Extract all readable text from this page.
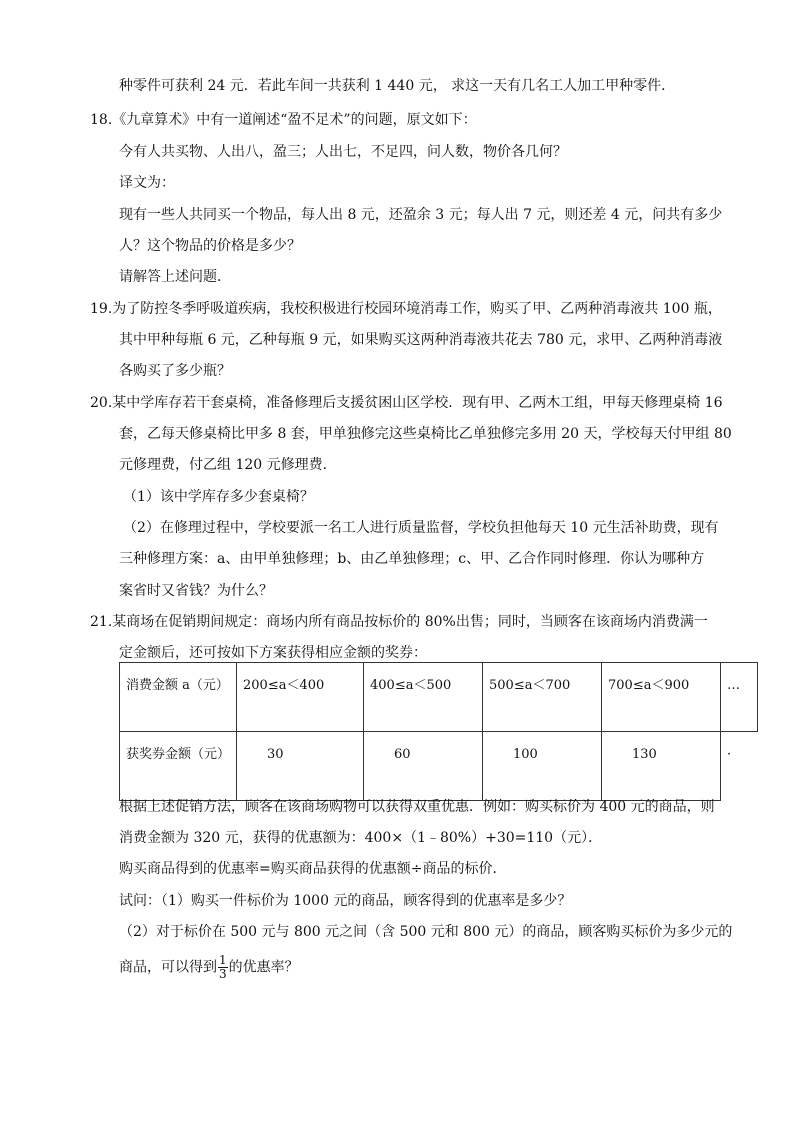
种零件可获利 24 元．若此车间一共获利 1 440 元， 求这一天有几名工人加工甲种零件．
18.《九章算术》中有一道阐述“盈不足术”的问题，原文如下：
今有人共买物、人出八，盈三；人出七，不足四，问人数，物价各几何？
译文为：
现有一些人共同买一个物品，每人出 8 元，还盈余 3 元；每人出 7 元，则还差 4 元，问共有多少
人？这个物品的价格是多少？
请解答上述问题．
19.为了防控冬季呼吸道疾病，我校积极进行校园环境消毒工作，购买了甲、乙两种消毒液共 100 瓶，
其中甲种每瓶 6 元，乙种每瓶 9 元，如果购买这两种消毒液共花去 780 元，求甲、乙两种消毒液
各购买了多少瓶？
20.某中学库存若干套桌椅，准备修理后支援贫困山区学校．现有甲、乙两木工组，甲每天修理桌椅 16
套，乙每天修桌椅比甲多 8 套，甲单独修完这些桌椅比乙单独修完多用 20 天，学校每天付甲组 80
元修理费，付乙组 120 元修理费．
（1）该中学库存多少套桌椅？
（2）在修理过程中，学校要派一名工人进行质量监督，学校负担他每天 10 元生活补助费，现有
三种修理方案：a、由甲单独修理；b、由乙单独修理；c、甲、乙合作同时修理．你认为哪种方
案省时又省钱？为什么？
21.某商场在促销期间规定：商场内所有商品按标价的 80%出售；同时，当顾客在该商场内消费满一
定金额后，还可按如下方案获得相应金额的奖券：
消费金额 a（元）	200≤a＜400	400≤a＜500	500≤a＜700	700≤a＜900	…
获奖券金额（元）	30	60	100	130	·
根据上述促销方法，顾客在该商场购物可以获得双重优惠．例如：购买标价为 400 元的商品，则
消费金额为 320 元，获得的优惠额为：400×（1﹣80%）+30=110（元）．
购买商品得到的优惠率=购买商品获得的优惠额÷商品的标价．
试问：（1）购买一件标价为 1000 元的商品，顾客得到的优惠率是多少？
（2）对于标价在 500 元与 800 元之间（含 500 元和 800 元）的商品，顾客购买标价为多少元的
商品，可以得到 $\frac{1}{3}$ 的优惠率？
